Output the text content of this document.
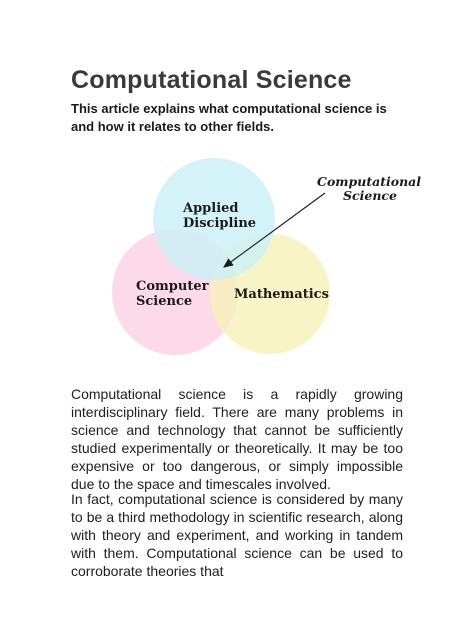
Computational Science
This article explains what computational science is and how it relates to other fields.
Applied
Discipline
Computer
Science	Mathematics
Computational
Science
Computational science is a rapidly growing interdisciplinary field. There are many problems in science and technology that cannot be sufficiently studied experimentally or theoretically. It may be too expensive or too dangerous, or simply impossible due to the space and timescales involved.
In fact, computational science is considered by many to be a third methodology in scientific research, along with theory and experiment, and working in tandem with them. Computational science can be used to corroborate theories that
